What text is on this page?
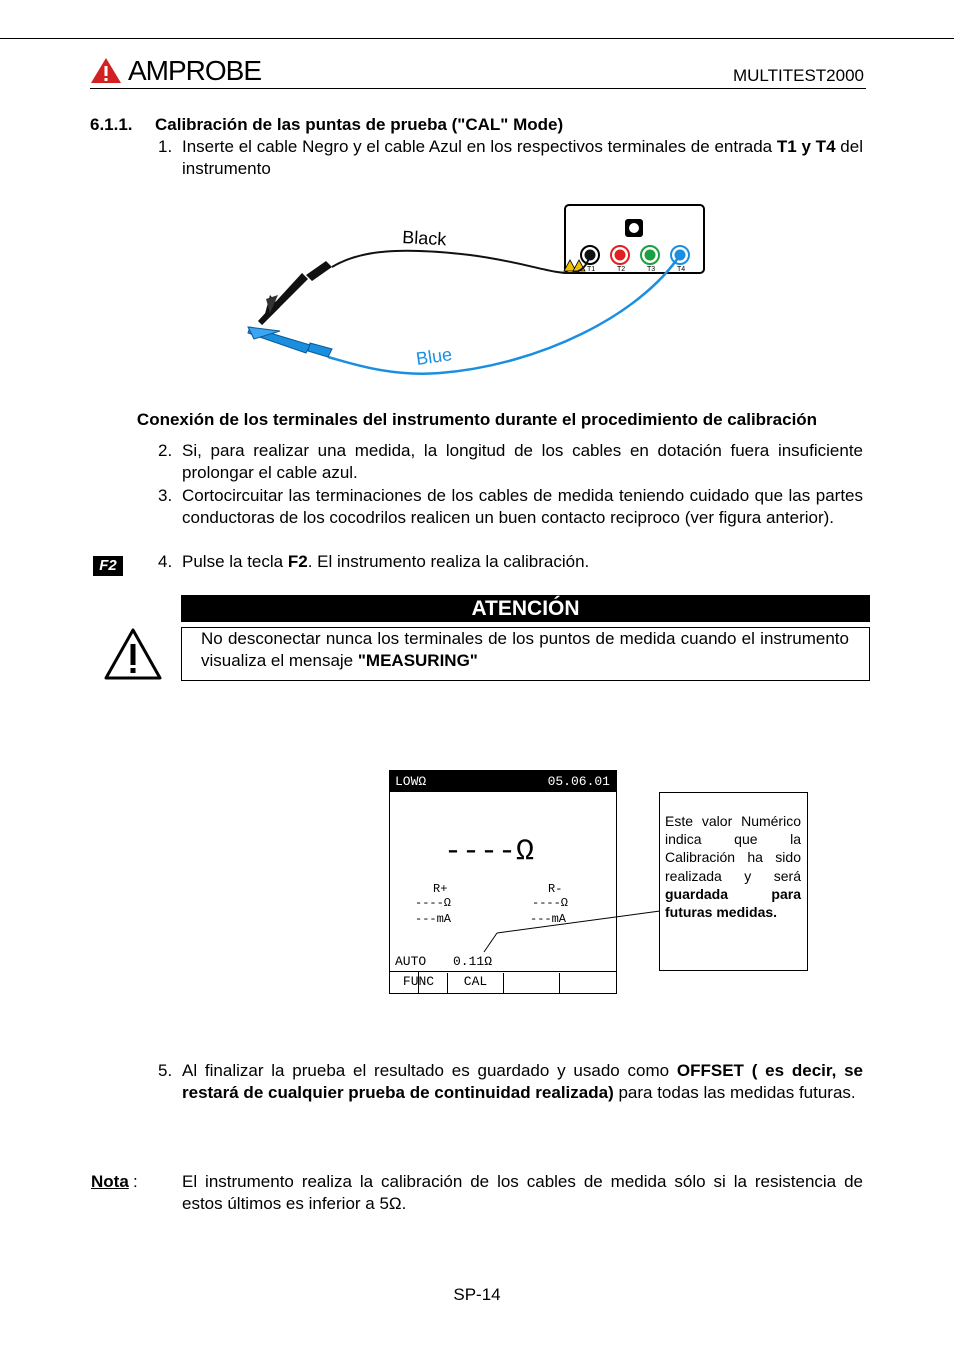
AMPROBE	MULTITEST2000
6.1.1. Calibración de las puntas de prueba ("CAL" Mode)
1. Inserte el cable Negro y el cable Azul en los respectivos terminales de entrada T1 y T4 del instrumento
T1	T2	T3	T4
Black
Blue
Conexión de los terminales del instrumento durante el procedimiento de calibración
2. Si, para realizar una medida, la longitud de los cables en dotación fuera insuficiente prolongar el cable azul.
3. Cortocircuitar las terminaciones de los cables de medida teniendo cuidado que las partes conductoras de los cocodrilos realicen un buen contacto reciproco (ver figura anterior).
F2	4. Pulse la tecla F2. El instrumento realiza la calibración.
ATENCIÓN
No desconectar nunca los terminales de los puntos de medida cuando el instrumento visualiza el mensaje "MEASURING"
LOWΩ	05.06.01
----Ω
R+	R-
----Ω	----Ω
---mA	---mA
AUTO 0.11Ω
FUNC	CAL
Este valor Numérico indica que la Calibración ha sido realizada y será guardada para futuras medidas.
5. Al finalizar la prueba el resultado es guardado y usado como OFFSET ( es decir, se restará de cualquier prueba de continuidad realizada) para todas las medidas futuras.
Nota :	El instrumento realiza la calibración de los cables de medida sólo si la resistencia de estos últimos es inferior a 5Ω.
SP-14
